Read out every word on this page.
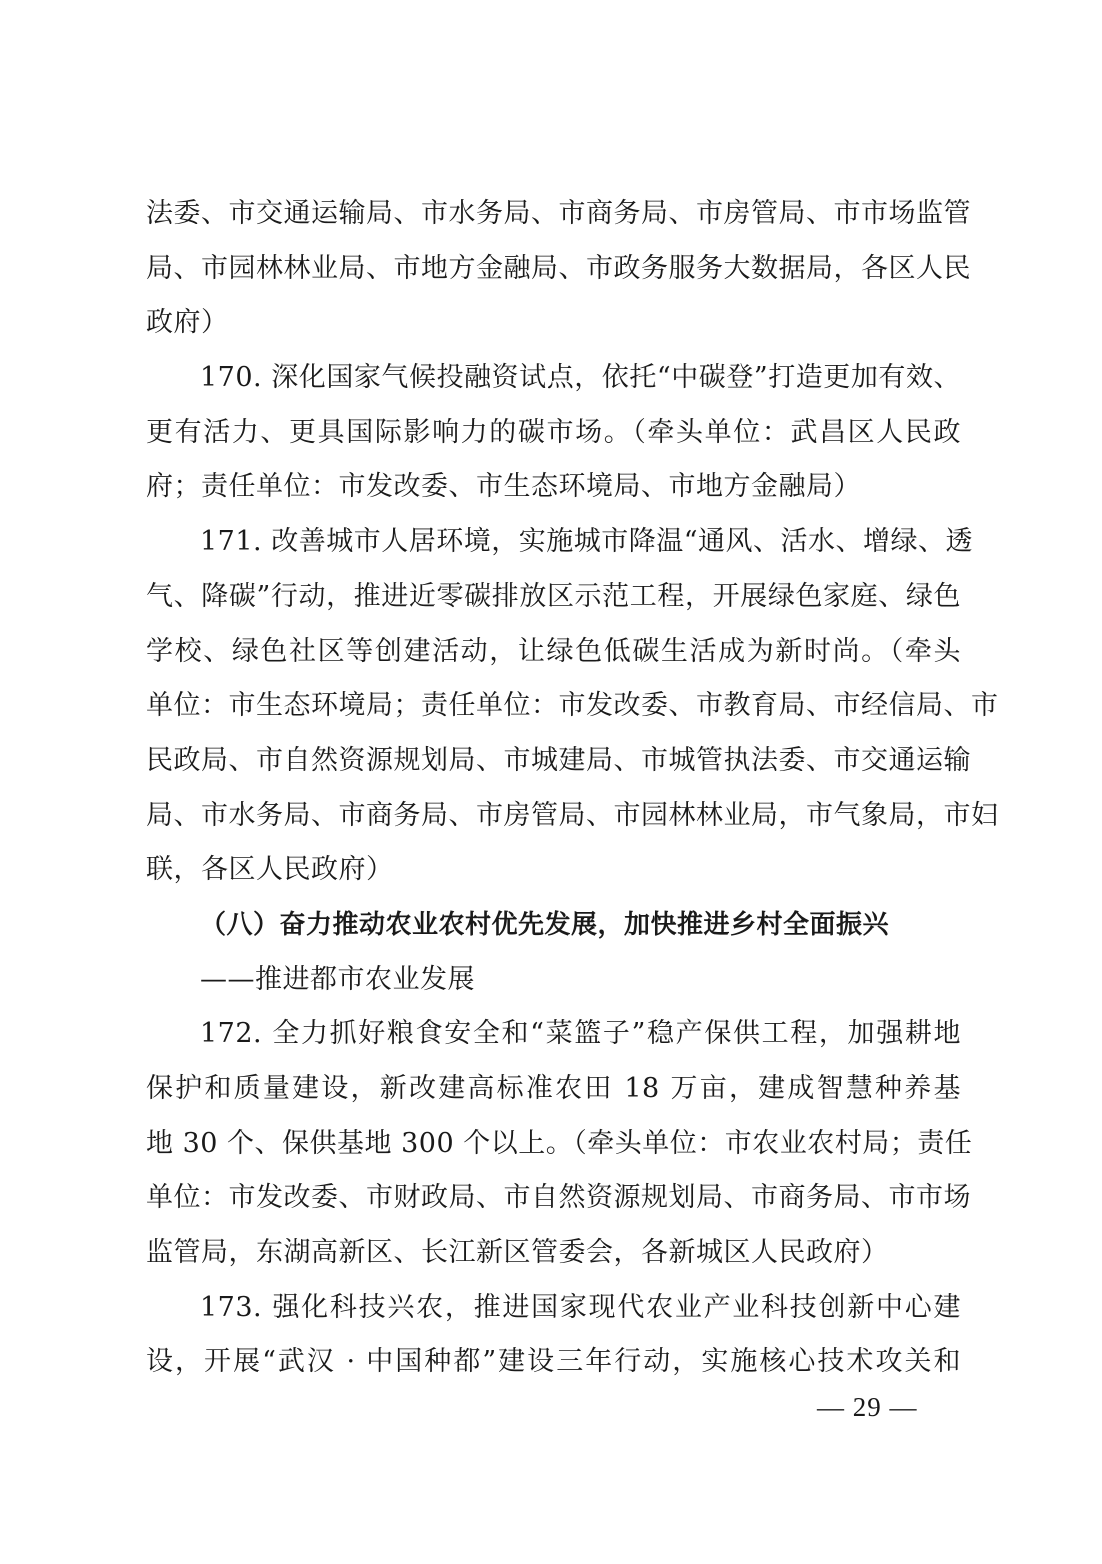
法委、市交通运输局、市水务局、市商务局、市房管局、市市场监管
局、市园林林业局、市地方金融局、市政务服务大数据局，各区人民
政府）
170. 深化国家气候投融资试点，依托“中碳登”打造更加有效、
更有活力、更具国际影响力的碳市场。（牵头单位：武昌区人民政
府；责任单位：市发改委、市生态环境局、市地方金融局）
171. 改善城市人居环境，实施城市降温“通风、活水、增绿、透
气、降碳”行动，推进近零碳排放区示范工程，开展绿色家庭、绿色
学校、绿色社区等创建活动，让绿色低碳生活成为新时尚。（牵头
单位：市生态环境局；责任单位：市发改委、市教育局、市经信局、市
民政局、市自然资源规划局、市城建局、市城管执法委、市交通运输
局、市水务局、市商务局、市房管局、市园林林业局，市气象局，市妇
联，各区人民政府）
（八）奋力推动农业农村优先发展，加快推进乡村全面振兴
——推进都市农业发展
172. 全力抓好粮食安全和“菜篮子”稳产保供工程，加强耕地
保护和质量建设，新改建高标准农田 18 万亩，建成智慧种养基
地 30 个、保供基地 300 个以上。（牵头单位：市农业农村局；责任
单位：市发改委、市财政局、市自然资源规划局、市商务局、市市场
监管局，东湖高新区、长江新区管委会，各新城区人民政府）
173. 强化科技兴农，推进国家现代农业产业科技创新中心建
设，开展“武汉 · 中国种都”建设三年行动，实施核心技术攻关和
— 29 —
